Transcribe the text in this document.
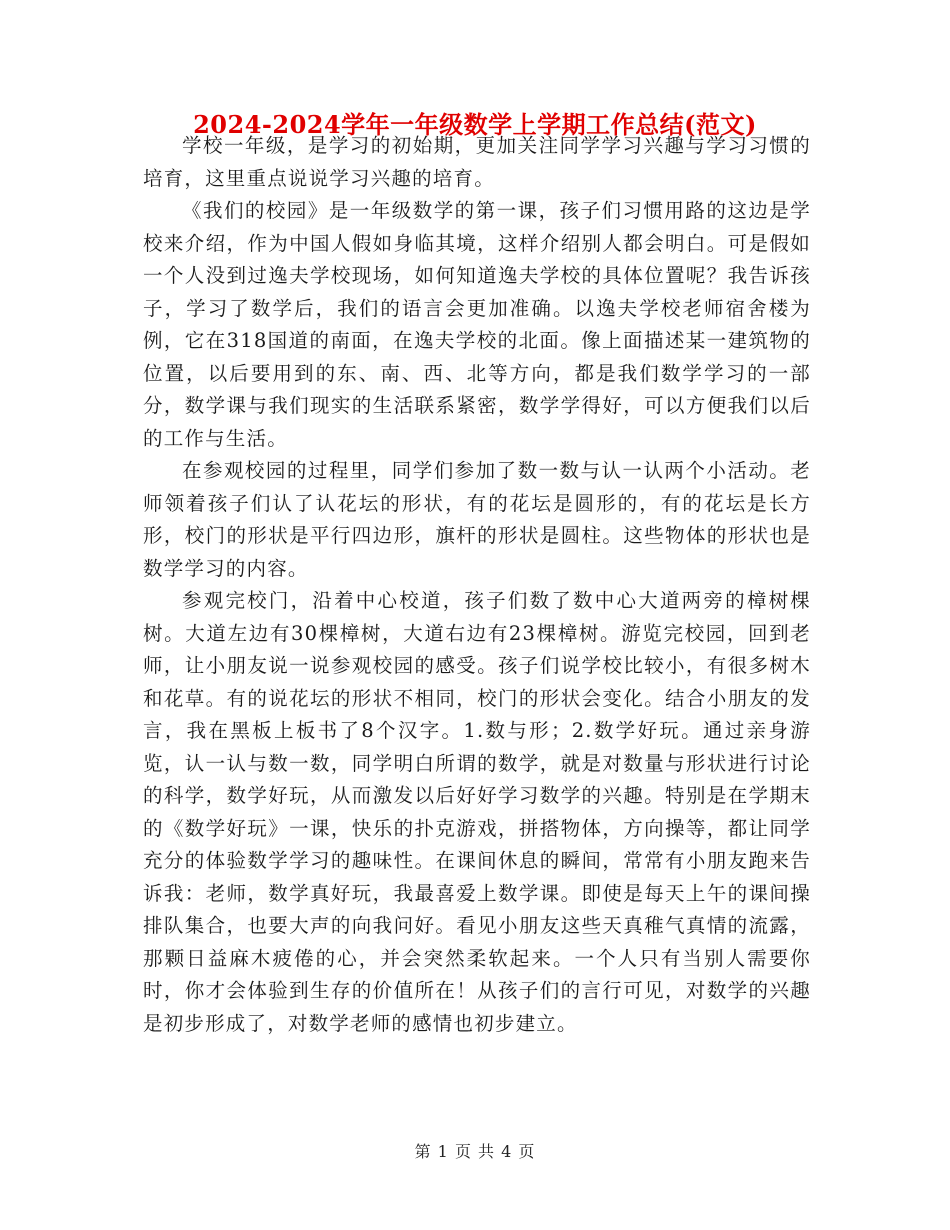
2024-2024学年一年级数学上学期工作总结(范文)

学校一年级，是学习的初始期，更加关注同学学习兴趣与学习习惯的培育，这里重点说说学习兴趣的培育。

《我们的校园》是一年级数学的第一课，孩子们习惯用路的这边是学校来介绍，作为中国人假如身临其境，这样介绍别人都会明白。可是假如一个人没到过逸夫学校现场，如何知道逸夫学校的具体位置呢？我告诉孩子，学习了数学后，我们的语言会更加准确。以逸夫学校老师宿舍楼为例，它在318国道的南面，在逸夫学校的北面。像上面描述某一建筑物的位置，以后要用到的东、南、西、北等方向，都是我们数学学习的一部分，数学课与我们现实的生活联系紧密，数学学得好，可以方便我们以后的工作与生活。

在参观校园的过程里，同学们参加了数一数与认一认两个小活动。老师领着孩子们认了认花坛的形状，有的花坛是圆形的，有的花坛是长方形，校门的形状是平行四边形，旗杆的形状是圆柱。这些物体的形状也是数学学习的内容。

参观完校门，沿着中心校道，孩子们数了数中心大道两旁的樟树棵树。大道左边有30棵樟树，大道右边有23棵樟树。游览完校园，回到老师，让小朋友说一说参观校园的感受。孩子们说学校比较小，有很多树木和花草。有的说花坛的形状不相同，校门的形状会变化。结合小朋友的发言，我在黑板上板书了8个汉字。1.数与形；2.数学好玩。通过亲身游览，认一认与数一数，同学明白所谓的数学，就是对数量与形状进行讨论的科学，数学好玩，从而激发以后好好学习数学的兴趣。特别是在学期末的《数学好玩》一课，快乐的扑克游戏，拼搭物体，方向操等，都让同学充分的体验数学学习的趣味性。在课间休息的瞬间，常常有小朋友跑来告诉我：老师，数学真好玩，我最喜爱上数学课。即使是每天上午的课间操排队集合，也要大声的向我问好。看见小朋友这些天真稚气真情的流露，那颗日益麻木疲倦的心，并会突然柔软起来。一个人只有当别人需要你时，你才会体验到生存的价值所在！从孩子们的言行可见，对数学的兴趣是初步形成了，对数学老师的感情也初步建立。

第 1 页 共 4 页
